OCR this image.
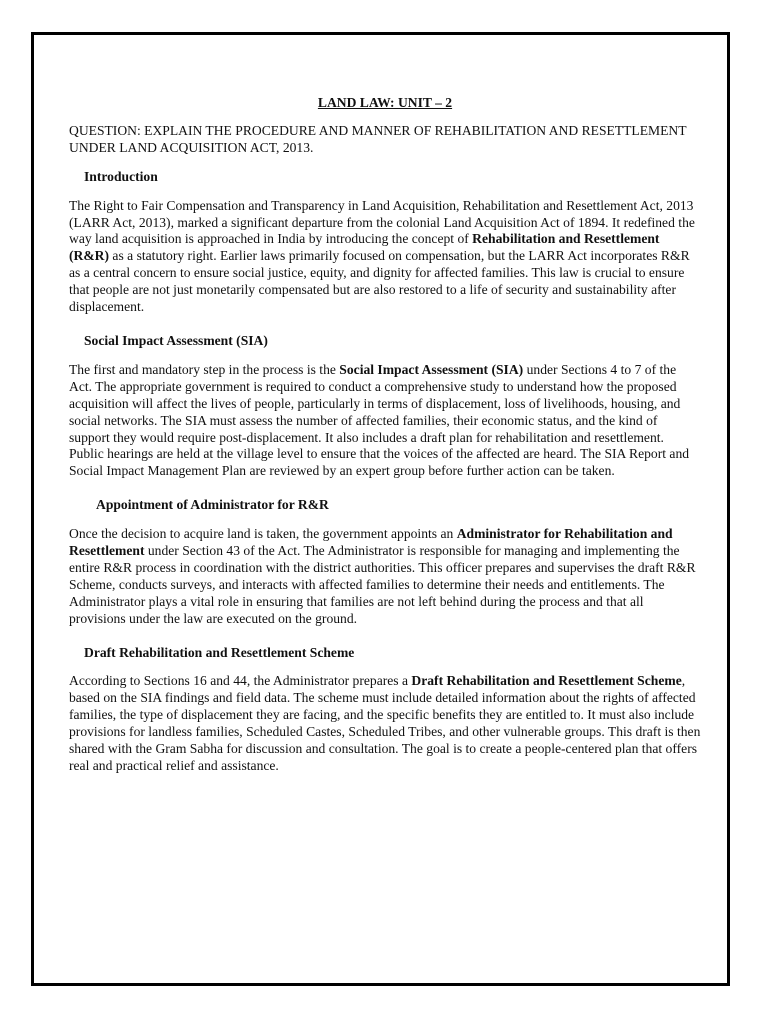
LAND LAW: UNIT – 2
QUESTION: EXPLAIN THE PROCEDURE AND MANNER OF REHABILITATION AND RESETTLEMENT UNDER LAND ACQUISITION ACT, 2013.
Introduction
The Right to Fair Compensation and Transparency in Land Acquisition, Rehabilitation and Resettlement Act, 2013 (LARR Act, 2013), marked a significant departure from the colonial Land Acquisition Act of 1894. It redefined the way land acquisition is approached in India by introducing the concept of Rehabilitation and Resettlement (R&R) as a statutory right. Earlier laws primarily focused on compensation, but the LARR Act incorporates R&R as a central concern to ensure social justice, equity, and dignity for affected families. This law is crucial to ensure that people are not just monetarily compensated but are also restored to a life of security and sustainability after displacement.
Social Impact Assessment (SIA)
The first and mandatory step in the process is the Social Impact Assessment (SIA) under Sections 4 to 7 of the Act. The appropriate government is required to conduct a comprehensive study to understand how the proposed acquisition will affect the lives of people, particularly in terms of displacement, loss of livelihoods, housing, and social networks. The SIA must assess the number of affected families, their economic status, and the kind of support they would require post-displacement. It also includes a draft plan for rehabilitation and resettlement. Public hearings are held at the village level to ensure that the voices of the affected are heard. The SIA Report and Social Impact Management Plan are reviewed by an expert group before further action can be taken.
Appointment of Administrator for R&R
Once the decision to acquire land is taken, the government appoints an Administrator for Rehabilitation and Resettlement under Section 43 of the Act. The Administrator is responsible for managing and implementing the entire R&R process in coordination with the district authorities. This officer prepares and supervises the draft R&R Scheme, conducts surveys, and interacts with affected families to determine their needs and entitlements. The Administrator plays a vital role in ensuring that families are not left behind during the process and that all provisions under the law are executed on the ground.
Draft Rehabilitation and Resettlement Scheme
According to Sections 16 and 44, the Administrator prepares a Draft Rehabilitation and Resettlement Scheme, based on the SIA findings and field data. The scheme must include detailed information about the rights of affected families, the type of displacement they are facing, and the specific benefits they are entitled to. It must also include provisions for landless families, Scheduled Castes, Scheduled Tribes, and other vulnerable groups. This draft is then shared with the Gram Sabha for discussion and consultation. The goal is to create a people-centered plan that offers real and practical relief and assistance.
